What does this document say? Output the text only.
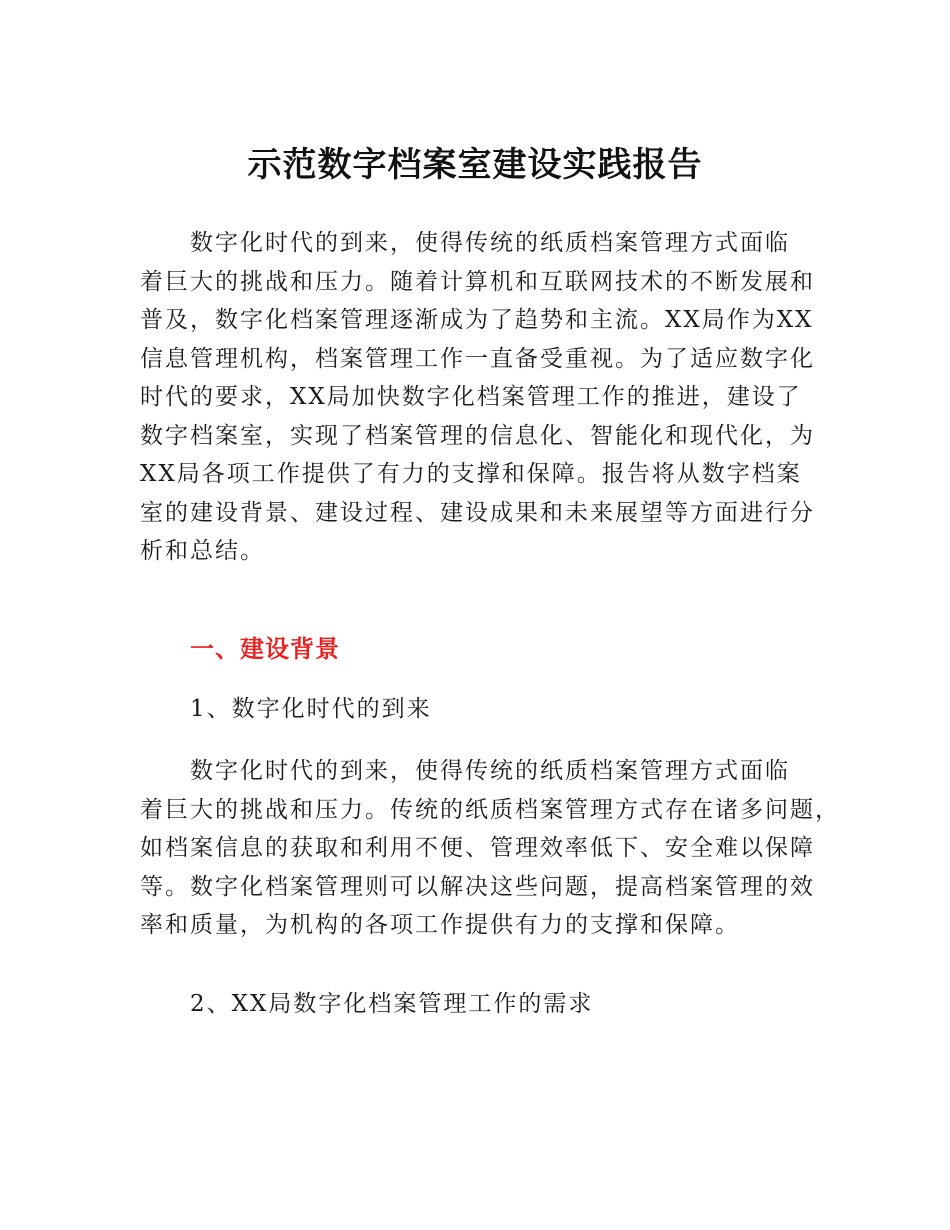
示范数字档案室建设实践报告
数字化时代的到来，使得传统的纸质档案管理方式面临
着巨大的挑战和压力。随着计算机和互联网技术的不断发展和
普及，数字化档案管理逐渐成为了趋势和主流。XX局作为XX
信息管理机构，档案管理工作一直备受重视。为了适应数字化
时代的要求，XX局加快数字化档案管理工作的推进，建设了
数字档案室，实现了档案管理的信息化、智能化和现代化，为
XX局各项工作提供了有力的支撑和保障。报告将从数字档案
室的建设背景、建设过程、建设成果和未来展望等方面进行分
析和总结。
一、建设背景
1、数字化时代的到来
数字化时代的到来，使得传统的纸质档案管理方式面临
着巨大的挑战和压力。传统的纸质档案管理方式存在诸多问题，
如档案信息的获取和利用不便、管理效率低下、安全难以保障
等。数字化档案管理则可以解决这些问题，提高档案管理的效
率和质量，为机构的各项工作提供有力的支撑和保障。
2、XX局数字化档案管理工作的需求
